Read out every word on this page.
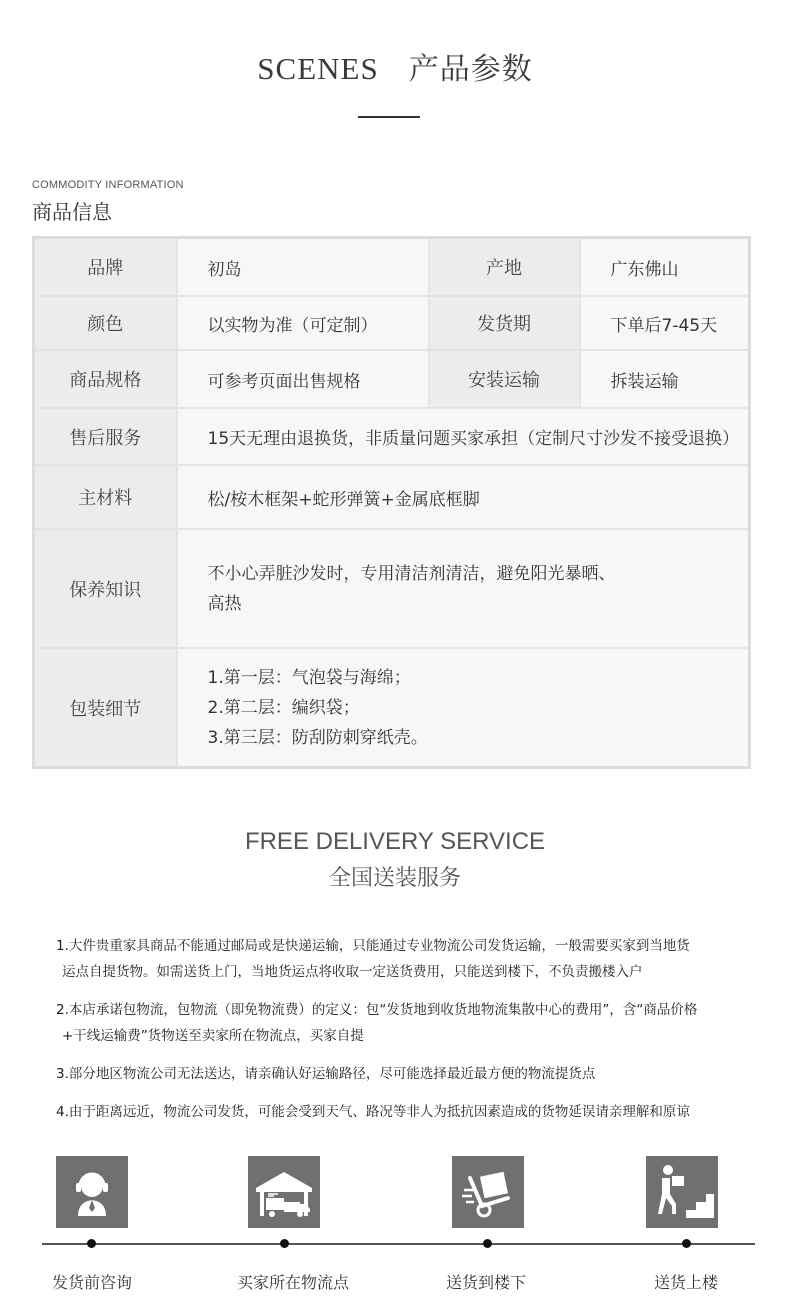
SCENES 产品参数
COMMODITY INFORMATION
商品信息
品牌	初岛	产地	广东佛山
颜色	以实物为准（可定制）	发货期	下单后7-45天
商品规格	可参考页面出售规格	安装运输	拆装运输
售后服务	15天无理由退换货，非质量问题买家承担（定制尺寸沙发不接受退换）		
主材料	松/桉木框架+蛇形弹簧+金属底框脚		
保养知识	不小心弄脏沙发时，专用清洁剂清洁，避免阳光暴晒、
高热		

包装细节	1.第一层：气泡袋与海绵；
2.第二层：编织袋；
3.第三层：防刮防刺穿纸壳。		
FREE DELIVERY SERVICE
全国送装服务
1.大件贵重家具商品不能通过邮局或是快递运输，只能通过专业物流公司发货运输，一般需要买家到当地货
运点自提货物。如需送货上门，当地货运点将收取一定送货费用，只能送到楼下，不负责搬楼入户
2.本店承诺包物流，包物流（即免物流费）的定义：包“发货地到收货地物流集散中心的费用”，含“商品价格
+干线运输费”货物送至卖家所在物流点，买家自提
3.部分地区物流公司无法送达，请亲确认好运输路径，尽可能选择最近最方便的物流提货点
4.由于距离远近，物流公司发货，可能会受到天气、路况等非人为抵抗因素造成的货物延误请亲理解和原谅
发货前咨询	买家所在物流点	送货到楼下	送货上楼
